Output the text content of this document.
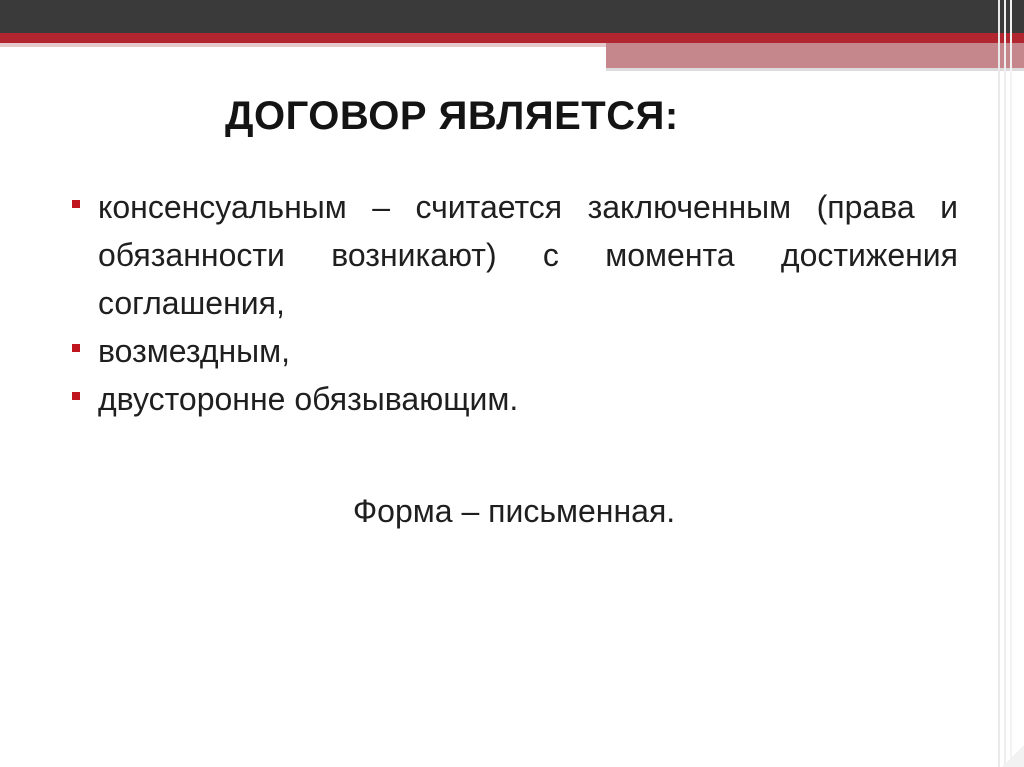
ДОГОВОР ЯВЛЯЕТСЯ:
консенсуальным – считается заключенным (права и обязанности возникают) с момента достижения соглашения,
возмездным,
двусторонне обязывающим.
Форма – письменная.
